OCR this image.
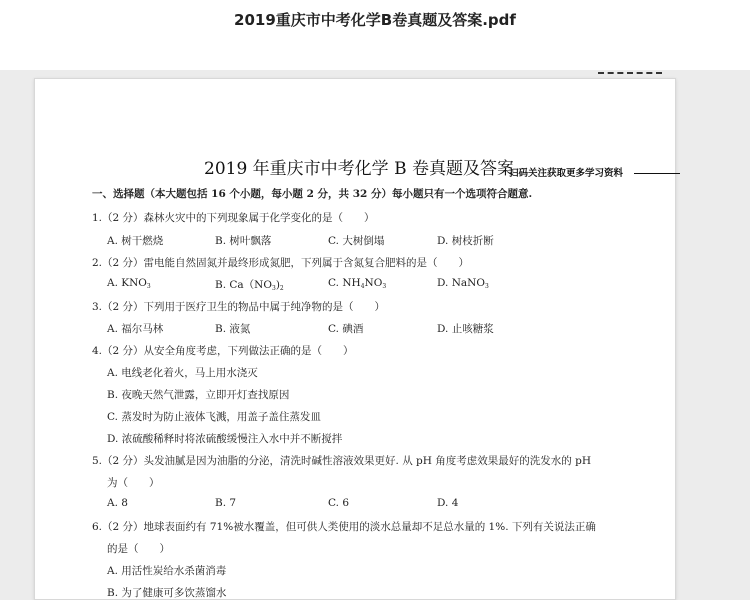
2019重庆市中考化学B卷真题及答案.pdf
2019 年重庆市中考化学 B 卷真题及答案
扫码关注获取更多学习资料
一、选择题（本大题包括 16 个小题，每小题 2 分，共 32 分）每小题只有一个选项符合题意.
1.（2 分）森林火灾中的下列现象属于化学变化的是（　　）
A. 树干燃烧	B. 树叶飘落	C. 大树倒塌	D. 树枝折断
2.（2 分）雷电能自然固氮并最终形成氮肥，下列属于含氮复合肥料的是（　　）
A. $KNO_3$	B. $Ca(NO_3)_2$	C. $NH_4NO_3$	D. NaNO$_3$
3.（2 分）下列用于医疗卫生的物品中属于纯净物的是（　　）
A. 福尔马林	B. 液氮	C. 碘酒	D. 止咳糖浆
4.（2 分）从安全角度考虑，下列做法正确的是（　　）
A. 电线老化着火，马上用水浇灭
B. 夜晚天然气泄露，立即开灯查找原因
C. 蒸发时为防止液体飞溅，用盖子盖住蒸发皿
D. 浓硫酸稀释时将浓硫酸缓慢注入水中并不断搅拌
5.（2 分）头发油腻是因为油脂的分泌，清洗时碱性溶液效果更好. 从 pH 角度考虑效果最好的洗发水的 pH
为（　　）
A. 8	B. 7	C. 6	D. 4
6.（2 分）地球表面约有 71%被水覆盖，但可供人类使用的淡水总量却不足总水量的 1%. 下列有关说法正确
的是（　　）
A. 用活性炭给水杀菌消毒
B. 为了健康可多饮蒸馏水
